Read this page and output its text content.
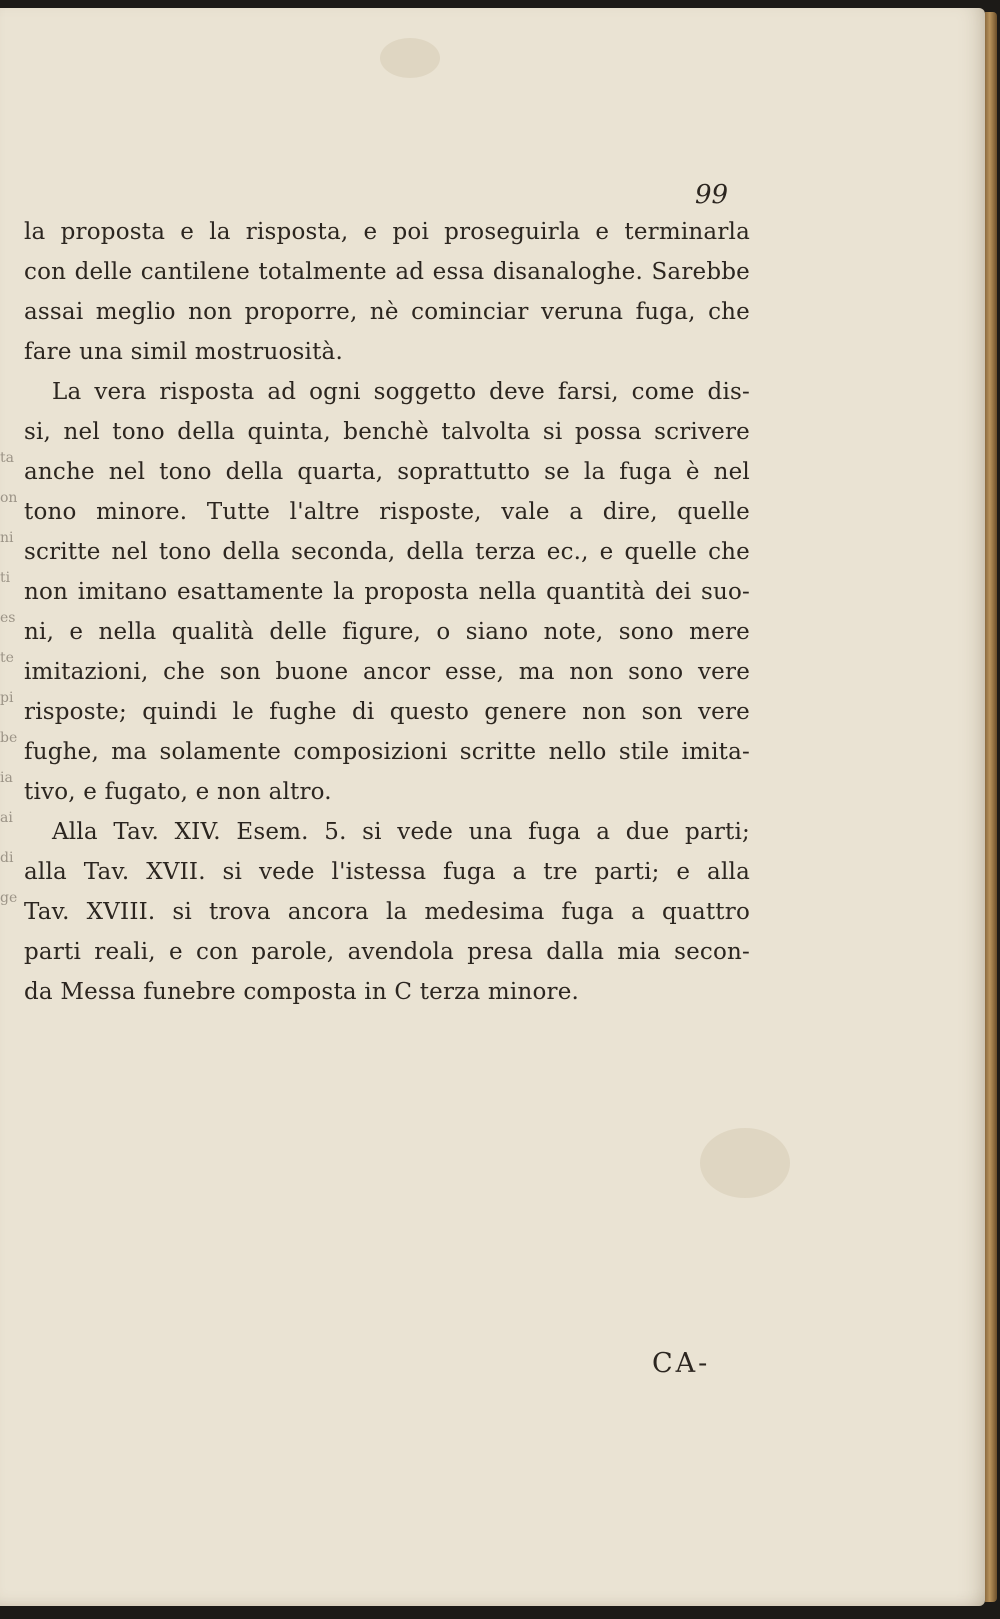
ta
on
ni
ti
es
te
pi
be
ia
ai
di
ge
99
la proposta e la risposta, e poi proseguirla e terminarla
con delle cantilene totalmente ad essa disanaloghe. Sarebbe
assai meglio non proporre, nè cominciar veruna fuga, che
fare una simil mostruosità.
La vera risposta ad ogni soggetto deve farsi, come dis-
si, nel tono della quinta, benchè talvolta si possa scrivere
anche nel tono della quarta, soprattutto se la fuga è nel
tono minore. Tutte l'altre risposte, vale a dire, quelle
scritte nel tono della seconda, della terza ec., e quelle che
non imitano esattamente la proposta nella quantità dei suo-
ni, e nella qualità delle figure, o siano note, sono mere
imitazioni, che son buone ancor esse, ma non sono vere
risposte; quindi le fughe di questo genere non son vere
fughe, ma solamente composizioni scritte nello stile imita-
tivo, e fugato, e non altro.
Alla Tav. XIV. Esem. 5. si vede una fuga a due parti;
alla Tav. XVII. si vede l'istessa fuga a tre parti; e alla
Tav. XVIII. si trova ancora la medesima fuga a quattro
parti reali, e con parole, avendola presa dalla mia secon-
da Messa funebre composta in C terza minore.
CA-
